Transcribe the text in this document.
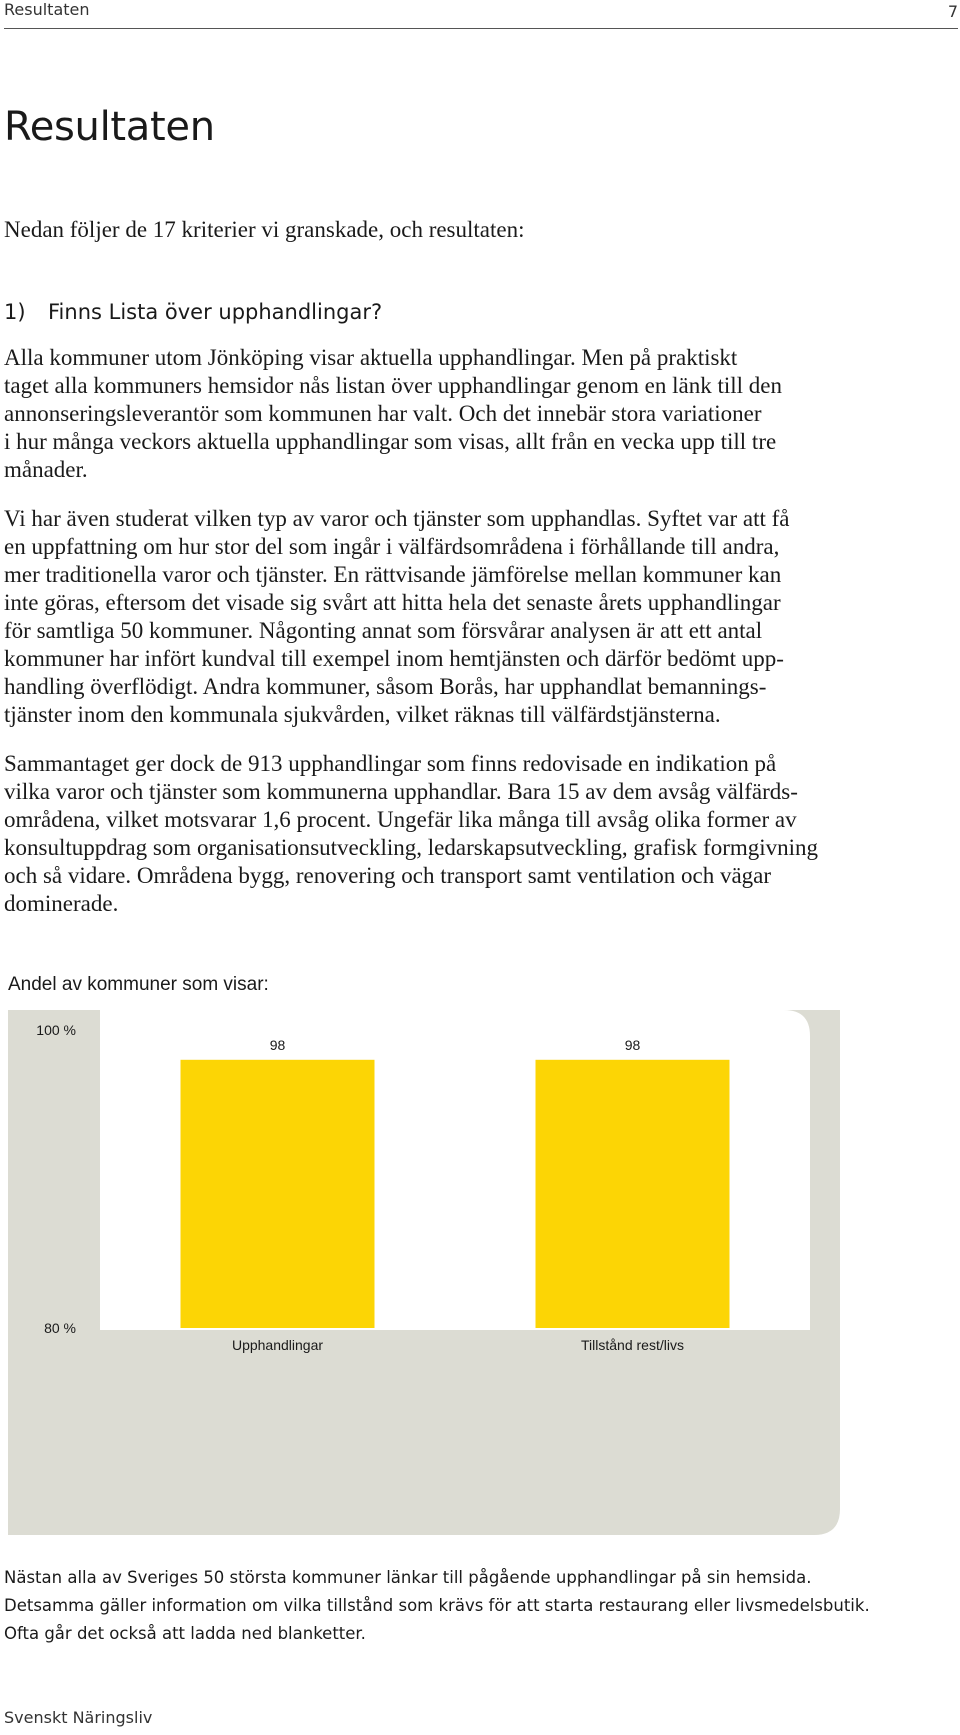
Resultaten	7
Resultaten
Nedan följer de 17 kriterier vi granskade, och resultaten:
1) Finns Lista över upphandlingar?
Alla kommuner utom Jönköping visar aktuella upphandlingar. Men på praktiskt
taget alla kommuners hemsidor nås listan över upphandlingar genom en länk till den
annonseringsleverantör som kommunen har valt. Och det innebär stora variationer
i hur många veckors aktuella upphandlingar som visas, allt från en vecka upp till tre
månader.
Vi har även studerat vilken typ av varor och tjänster som upphandlas. Syftet var att få
en uppfattning om hur stor del som ingår i välfärdsområdena i förhållande till andra,
mer traditionella varor och tjänster. En rättvisande jämförelse mellan kommuner kan
inte göras, eftersom det visade sig svårt att hitta hela det senaste årets upphandlingar
för samtliga 50 kommuner. Någonting annat som försvårar analysen är att ett antal
kommuner har infört kundval till exempel inom hemtjänsten och därför bedömt upp-
handling överflödigt. Andra kommuner, såsom Borås, har upphandlat bemannings-
tjänster inom den kommunala sjukvården, vilket räknas till välfärdstjänsterna.
Sammantaget ger dock de 913 upphandlingar som finns redovisade en indikation på
vilka varor och tjänster som kommunerna upphandlar. Bara 15 av dem avsåg välfärds-
områdena, vilket motsvarar 1,6 procent. Ungefär lika många till avsåg olika former av
konsultuppdrag som organisationsutveckling, ledarskapsutveckling, grafisk formgivning
och så vidare. Områdena bygg, renovering och transport samt ventilation och vägar
dominerade.
Andel av kommuner som visar:
100 %
80 %
98
Upphandlingar
98
Tillstånd rest/livs
Nästan alla av Sveriges 50 största kommuner länkar till pågående upphandlingar på sin hemsida.
Detsamma gäller information om vilka tillstånd som krävs för att starta restaurang eller livsmedelsbutik.
Ofta går det också att ladda ned blanketter.
Svenskt Näringsliv
